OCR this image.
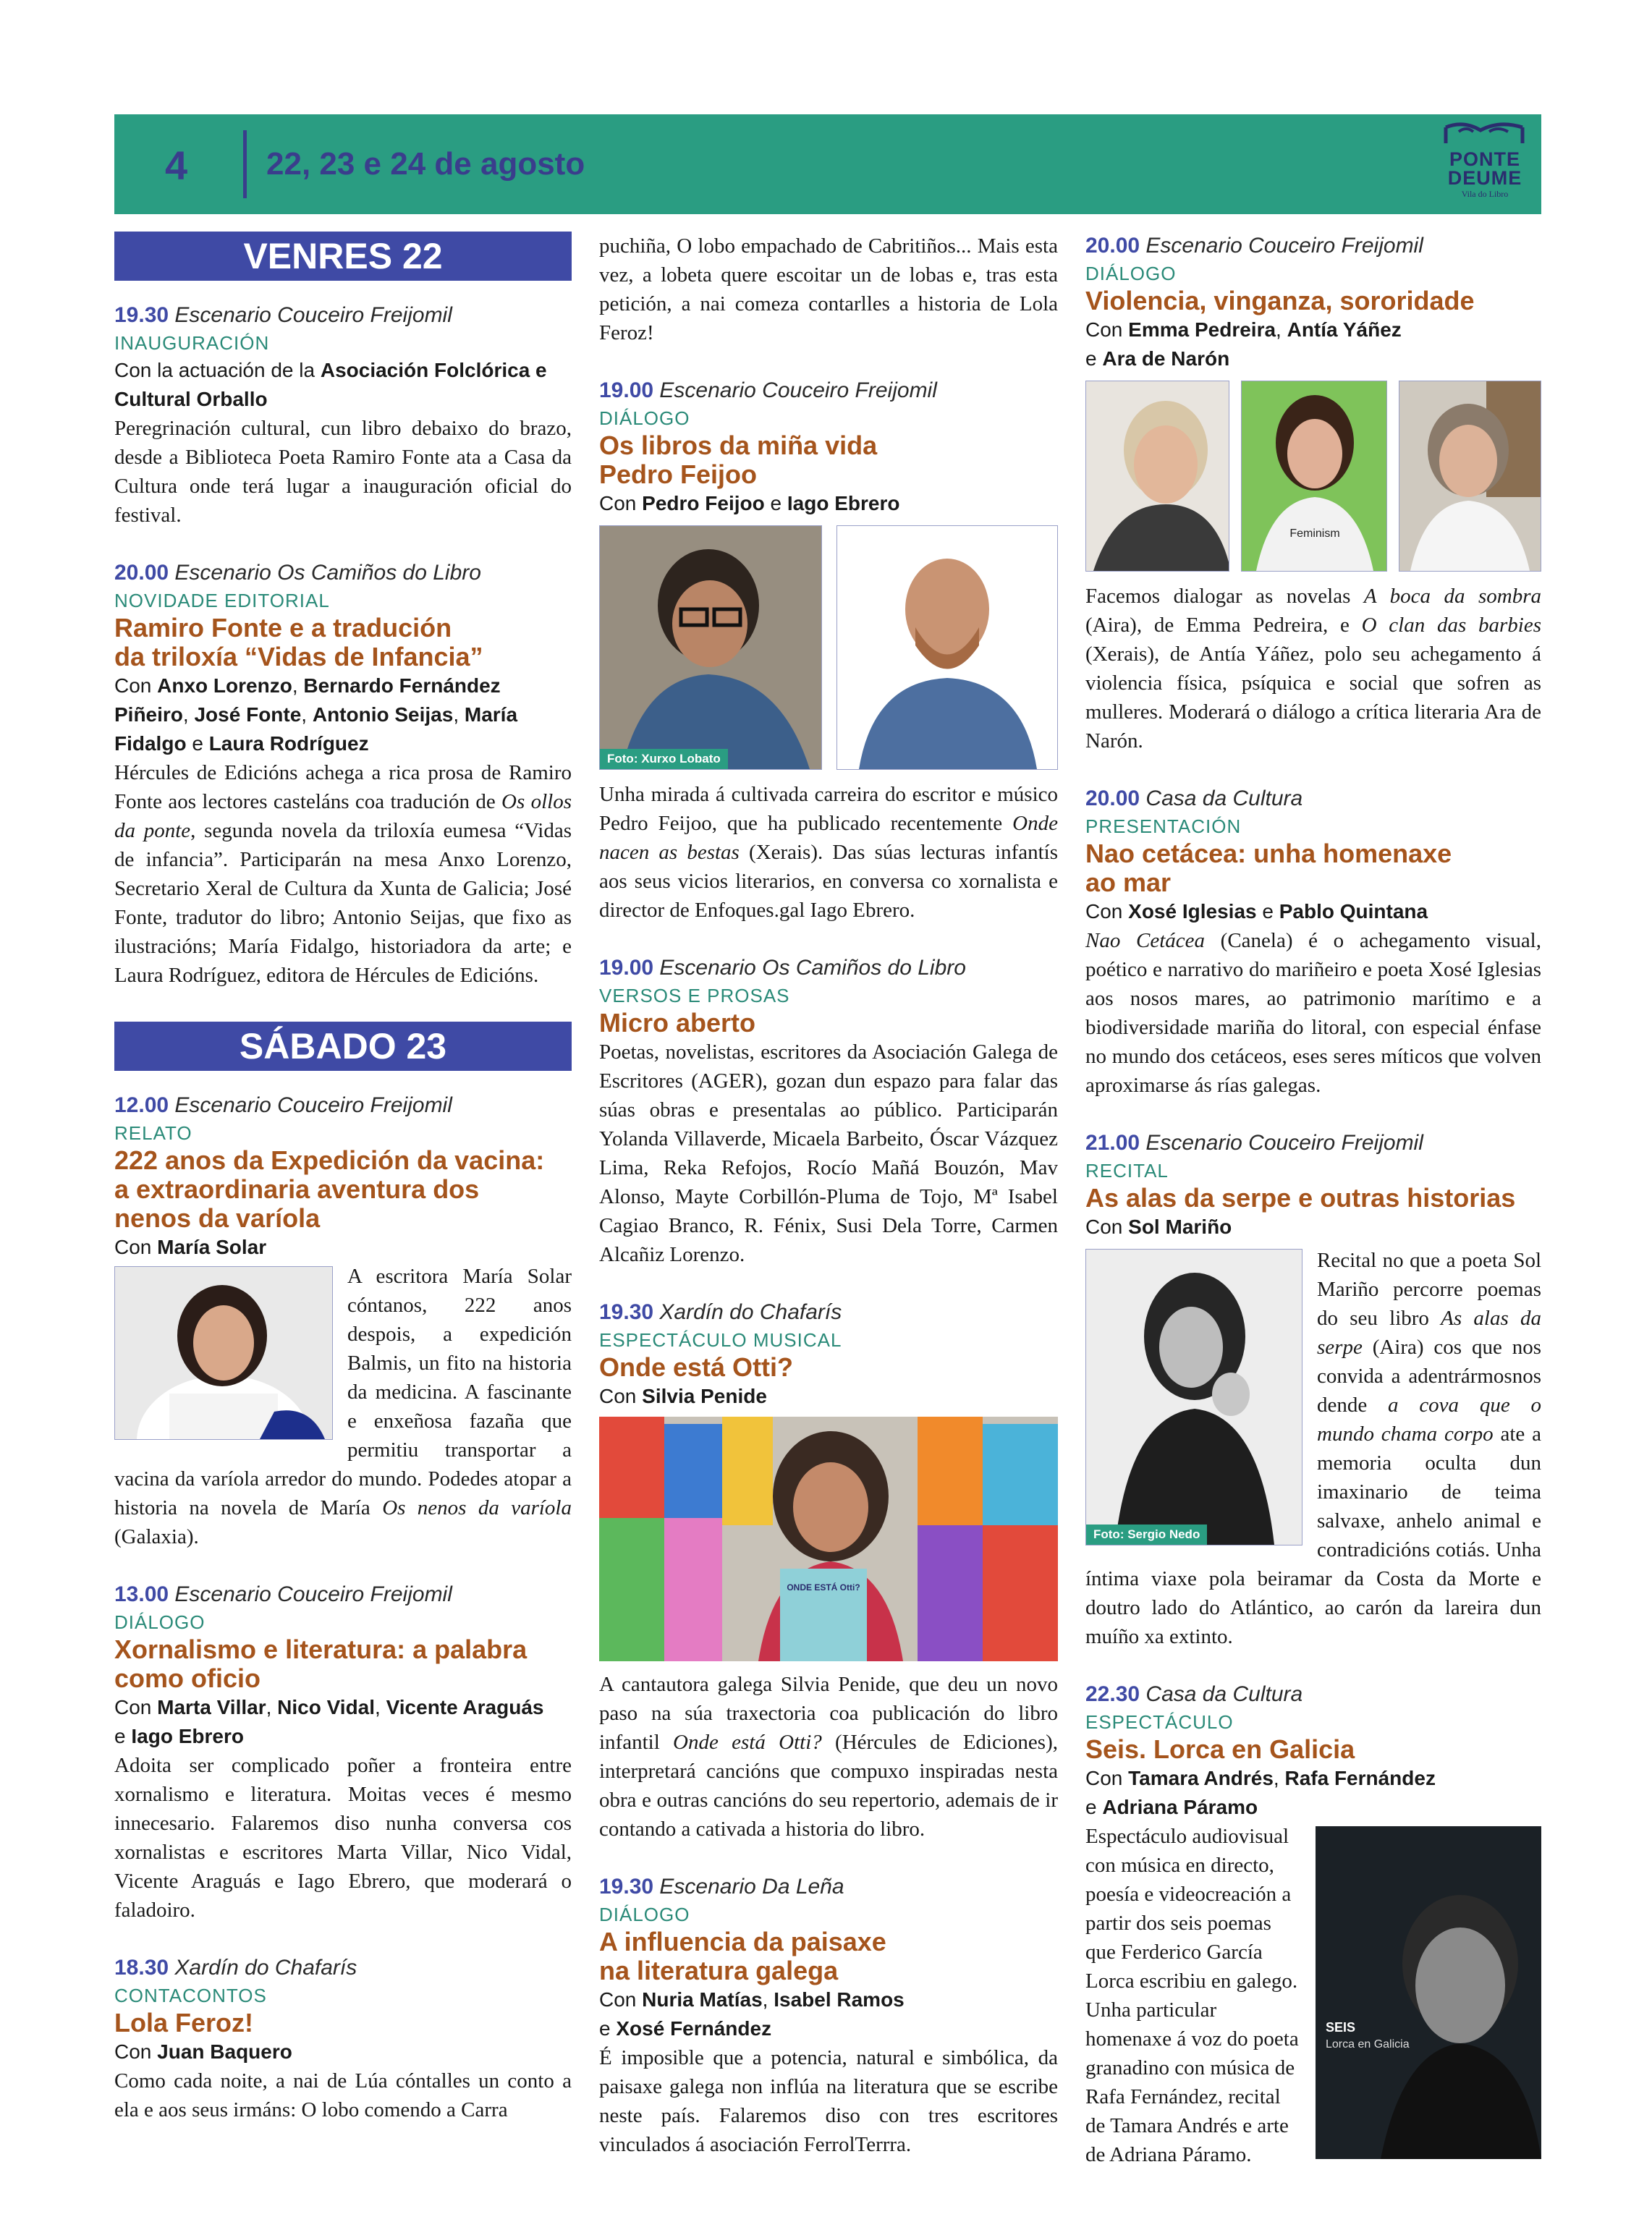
4 22, 23 e 24 de agosto	PONTE
DEUME
Vila do Libro
VENRES 22
19.30 Escenario Couceiro Freijomil
INAUGURACIÓN
Con la actuación de la Asociación Folclórica e Cultural Orballo

Peregrinación cultural, cun libro debaixo do brazo, desde a Biblioteca Poeta Ramiro Fonte ata a Casa da Cultura onde terá lugar a inauguración oficial do festival.

20.00 Escenario Os Camiños do Libro
NOVIDADE EDITORIAL
Ramiro Fonte e a tradución
da triloxía “Vidas de Infancia”
Con Anxo Lorenzo, Bernardo Fernández Piñeiro, José Fonte, Antonio Seijas, María Fidalgo e Laura Rodríguez

Hércules de Edicións achega a rica prosa de Ramiro Fonte aos lectores casteláns coa tradución de Os ollos da ponte, segunda novela da triloxía eumesa “Vidas de infancia”. Participarán na mesa Anxo Lorenzo, Secretario Xeral de Cultura da Xunta de Galicia; José Fonte, tradutor do libro; Antonio Seijas, que fixo as ilustracións; María Fidalgo, historiadora da arte; e Laura Rodríguez, editora de Hércules de Edicións.

SÁBADO 23
12.00 Escenario Couceiro Freijomil
RELATO
222 anos da Expedición da vacina:
a extraordinaria aventura dos
nenos da varíola
Con María Solar

A escritora María Solar cóntanos, 222 anos despois, a expedición Balmis, un fito na historia da medicina. A fascinante e enxeñosa fazaña que permitiu transportar a vacina da varíola arredor do mundo. Podedes atopar a historia na novela de María Os nenos da varíola (Galaxia).

13.00 Escenario Couceiro Freijomil
DIÁLOGO
Xornalismo e literatura: a palabra
como oficio
Con Marta Villar, Nico Vidal, Vicente Araguás
e Iago Ebrero

Adoita ser complicado poñer a fronteira entre xornalismo e literatura. Moitas veces é mesmo innecesario. Falaremos diso nunha conversa cos xornalistas e escritores Marta Villar, Nico Vidal, Vicente Araguás e Iago Ebrero, que moderará o faladoiro.

18.30 Xardín do Chafarís
CONTACONTOS
Lola Feroz!
Con Juan Baquero

Como cada noite, a nai de Lúa cóntalles un conto a ela e aos seus irmáns: O lobo comendo a Carra

puchiña, O lobo empachado de Cabritiños... Mais esta vez, a lobeta quere escoitar un de lobas e, tras esta petición, a nai comeza contarlles a historia de Lola Feroz!

19.00 Escenario Couceiro Freijomil
DIÁLOGO
Os libros da miña vida
Pedro Feijoo
Con Pedro Feijoo e Iago Ebrero
Foto: Xurxo Lobato

Unha mirada á cultivada carreira do escritor e músico Pedro Feijoo, que ha publicado recentemente Onde nacen as bestas (Xerais). Das súas lecturas infantís aos seus vicios literarios, en conversa co xornalista e director de Enfoques.gal Iago Ebrero.

19.00 Escenario Os Camiños do Libro
VERSOS E PROSAS
Micro aberto

Poetas, novelistas, escritores da Asociación Galega de Escritores (AGER), gozan dun espazo para falar das súas obras e presentalas ao público. Participarán Yolanda Villaverde, Micaela Barbeito, Óscar Vázquez Lima, Reka Refojos, Rocío Mañá Bouzón, Mav Alonso, Mayte Corbillón-Pluma de Tojo, Mª Isabel Cagiao Branco, R. Fénix, Susi Dela Torre, Carmen Alcañiz Lorenzo.

19.30 Xardín do Chafarís
ESPECTÁCULO MUSICAL
Onde está Otti?
Con Silvia Penide
ONDE ESTÁ Otti?

A cantautora galega Silvia Penide, que deu un novo paso na súa traxectoria coa publicación do libro infantil Onde está Otti? (Hércules de Ediciones), interpretará cancións que compuxo inspiradas nesta obra e outras cancións do seu repertorio, ademais de ir contando a cativada a historia do libro.

19.30 Escenario Da Leña
DIÁLOGO
A influencia da paisaxe
na literatura galega
Con Nuria Matías, Isabel Ramos
e Xosé Fernández

É imposible que a potencia, natural e simbólica, da paisaxe galega non inflúa na literatura que se escribe neste país. Falaremos diso con tres escritores vinculados á asociación FerrolTerrra.

20.00 Escenario Couceiro Freijomil
DIÁLOGO
Violencia, vinganza, sororidade
Con Emma Pedreira, Antía Yáñez
e Ara de Narón
Feminism

Facemos dialogar as novelas A boca da sombra (Aira), de Emma Pedreira, e O clan das barbies (Xerais), de Antía Yáñez, polo seu achegamento á violencia física, psíquica e social que sofren as mulleres. Moderará o diálogo a crítica literaria Ara de Narón.

20.00 Casa da Cultura
PRESENTACIÓN
Nao cetácea: unha homenaxe
ao mar
Con Xosé Iglesias e Pablo Quintana

Nao Cetácea (Canela) é o achegamento visual, poético e narrativo do mariñeiro e poeta Xosé Iglesias aos nosos mares, ao patrimonio marítimo e a biodiversidade mariña do litoral, con especial énfase no mundo dos cetáceos, eses seres míticos que volven aproximarse ás rías galegas.

21.00 Escenario Couceiro Freijomil
RECITAL
As alas da serpe e outras historias
Con Sol Mariño
Foto: Sergio Nedo

Recital no que a poeta Sol Mariño percorre poemas do seu libro As alas da serpe (Aira) cos que nos convida a adentrármosnos dende a cova que o mundo chama corpo ate a memoria oculta dun imaxinario de teima salvaxe, anhelo animal e contradicións cotiás. Unha íntima viaxe pola beiramar da Costa da Morte e doutro lado do Atlántico, ao carón da lareira dun muíño xa extinto.

22.30 Casa da Cultura
ESPECTÁCULO
Seis. Lorca en Galicia
Con Tamara Andrés, Rafa Fernández
e Adriana Páramo
SEIS
Lorca en Galicia

Espectáculo audiovisual con música en directo, poesía e videocreación a partir dos seis poemas que Ferderico García Lorca escribiu en galego. Unha particular homenaxe á voz do poeta granadino con música de Rafa Fernández, recital de Tamara Andrés e arte de Adriana Páramo.
